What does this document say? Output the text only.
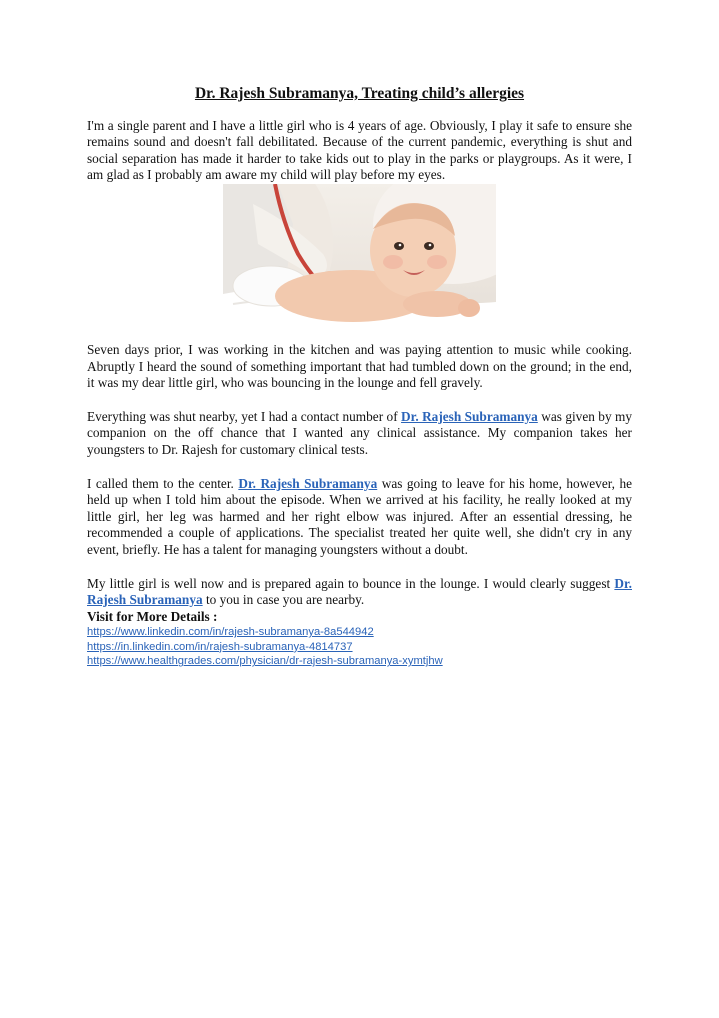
Dr. Rajesh Subramanya, Treating child’s allergies

I'm a single parent and I have a little girl who is 4 years of age. Obviously, I play it safe to ensure she remains sound and doesn't fall debilitated. Because of the current pandemic, everything is shut and social separation has made it harder to take kids out to play in the parks or playgroups. As it were, I am glad as I probably am aware my child will play before my eyes.

Seven days prior, I was working in the kitchen and was paying attention to music while cooking. Abruptly I heard the sound of something important that had tumbled down on the ground; in the end, it was my dear little girl, who was bouncing in the lounge and fell gravely.

Everything was shut nearby, yet I had a contact number of Dr. Rajesh Subramanya was given by my companion on the off chance that I wanted any clinical assistance. My companion takes her youngsters to Dr. Rajesh for customary clinical tests.

I called them to the center. Dr. Rajesh Subramanya was going to leave for his home, however, he held up when I told him about the episode. When we arrived at his facility, he really looked at my little girl, her leg was harmed and her right elbow was injured. After an essential dressing, he recommended a couple of applications. The specialist treated her quite well, she didn't cry in any event, briefly. He has a talent for managing youngsters without a doubt.

My little girl is well now and is prepared again to bounce in the lounge. I would clearly suggest Dr. Rajesh Subramanya to you in case you are nearby.

Visit for More Details :
https://www.linkedin.com/in/rajesh-subramanya-8a544942
https://in.linkedin.com/in/rajesh-subramanya-4814737
https://www.healthgrades.com/physician/dr-rajesh-subramanya-xymtjhw
